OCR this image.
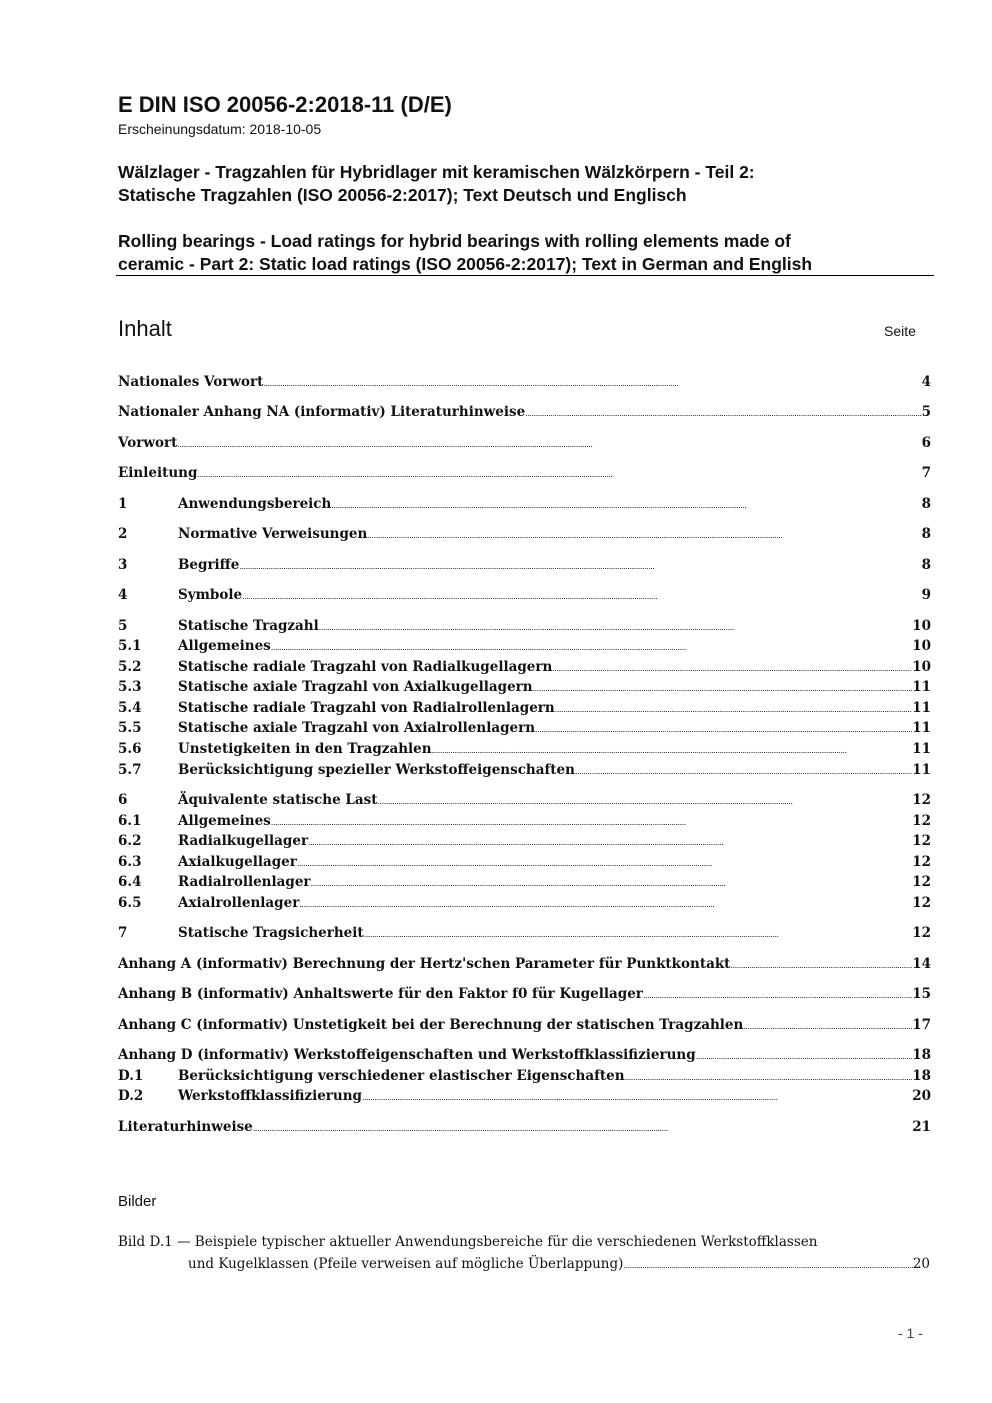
E DIN ISO 20056-2:2018-11 (D/E)
Erscheinungsdatum: 2018-10-05
Wälzlager - Tragzahlen für Hybridlager mit keramischen Wälzkörpern - Teil 2:
Statische Tragzahlen (ISO 20056-2:2017); Text Deutsch und Englisch
Rolling bearings - Load ratings for hybrid bearings with rolling elements made of
ceramic - Part 2: Static load ratings (ISO 20056-2:2017); Text in German and English
Inhalt	Seite
Nationales Vorwort . . .	4
Nationaler Anhang NA (informativ) Literaturhinweise . . .	5
Vorwort . . .	6
Einleitung . . .	7
1	Anwendungsbereich . . .	8
2	Normative Verweisungen . . .	8
3	Begriffe . . .	8
4	Symbole . . .	9
5	Statische Tragzahl . . .	10
5.1	Allgemeines . . .	10
5.2	Statische radiale Tragzahl von Radialkugellagern . . .	10
5.3	Statische axiale Tragzahl von Axialkugellagern . . .	11
5.4	Statische radiale Tragzahl von Radialrollenlagern . . .	11
5.5	Statische axiale Tragzahl von Axialrollenlagern . . .	11
5.6	Unstetigkeiten in den Tragzahlen . . .	11
5.7	Berücksichtigung spezieller Werkstoffeigenschaften . . .	11
6	Äquivalente statische Last . . .	12
6.1	Allgemeines . . .	12
6.2	Radialkugellager . . .	12
6.3	Axialkugellager . . .	12
6.4	Radialrollenlager . . .	12
6.5	Axialrollenlager . . .	12
7	Statische Tragsicherheit . . .	12
Anhang A (informativ) Berechnung der Hertz'schen Parameter für Punktkontakt . . .	14
Anhang B (informativ) Anhaltswerte für den Faktor f0 für Kugellager . . .	15
Anhang C (informativ) Unstetigkeit bei der Berechnung der statischen Tragzahlen . . .	17
Anhang D (informativ) Werkstoffeigenschaften und Werkstoffklassifizierung . . .	18
D.1	Berücksichtigung verschiedener elastischer Eigenschaften . . .	18
D.2	Werkstoffklassifizierung . . .	20
Literaturhinweise . . .	21
Bilder
Bild D.1 — Beispiele typischer aktueller Anwendungsbereiche für die verschiedenen Werkstoffklassen
und Kugelklassen (Pfeile verweisen auf mögliche Überlappung) . . .	20
- 1 -
